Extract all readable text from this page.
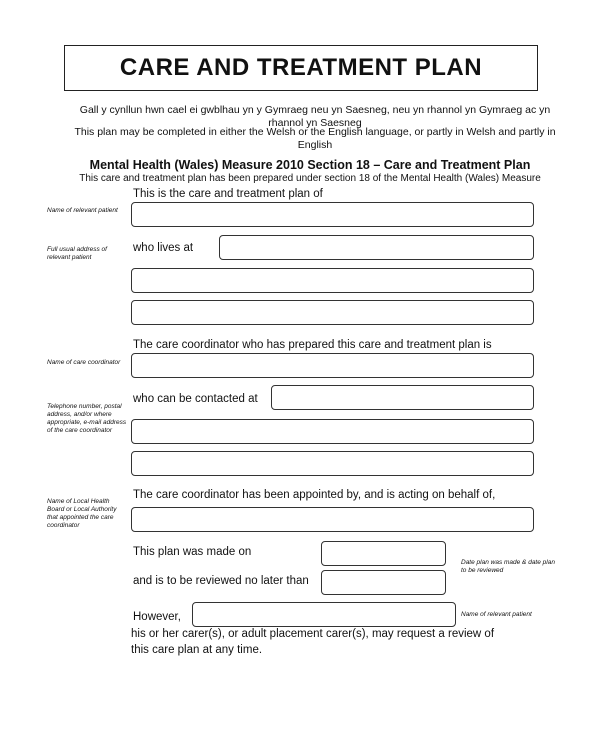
CARE AND TREATMENT PLAN
Gall y cynllun hwn cael ei gwblhau yn y Gymraeg neu yn Saesneg, neu yn rhannol yn Gymraeg ac yn rhannol yn Saesneg
This plan may be completed in either the Welsh or the English language, or partly in Welsh and partly in English
Mental Health (Wales) Measure 2010 Section 18 – Care and Treatment Plan
This care and treatment plan has been prepared under section 18 of the Mental Health (Wales) Measure
This is the care and treatment plan of
Name of relevant patient
Full usual address of relevant patient
who lives at
The care coordinator who has prepared this care and treatment plan is
Name of care coordinator
Telephone number, postal address, and/or where appropriate, e-mail address of the care coordinator
who can be contacted at
The care coordinator has been appointed by, and is acting on behalf of,
Name of Local Health Board or Local Authority that appointed the care coordinator
This plan was made on
Date plan was made & date plan to be reviewed
and is to be reviewed no later than
However,	Name of relevant patient
his or her carer(s), or adult placement carer(s), may request a review of
this care plan at any time.
